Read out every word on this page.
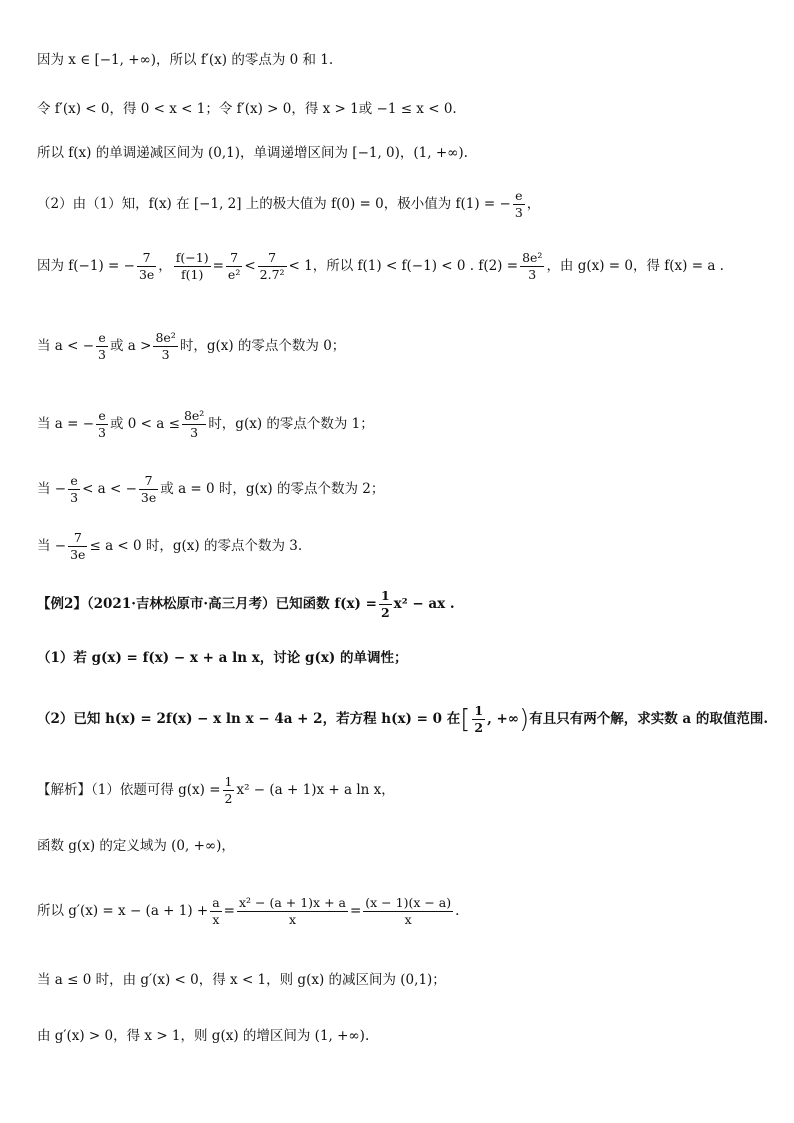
因为 x ∈ [−1, +∞)，所以 f′(x) 的零点为 0 和 1.
令 f′(x) < 0，得 0 < x < 1；令 f′(x) > 0，得 x > 1或 −1 ≤ x < 0.
所以 f(x) 的单调递减区间为 (0,1)，单调递增区间为 [−1, 0)，(1, +∞).
（2）由（1）知，f(x) 在 [−1, 2] 上的极大值为 f(0) = 0，极小值为 f(1) = − $\frac{e}{3}$ ，
因为 f(−1) = − $\frac{7}{3e}$ ， $\frac{f(-1)}{f(1)} = \frac{7}{\text{e²}} < \frac{7}{\text{2.7²}} < 1$，所以 f(1) < f(−1) < 0 . $f(2) = \frac{\text{8e²}}{3}$ ，由 g(x) = 0，得 f(x) = a .
当 a < − $\frac{e}{3}$ 或 $a > \frac{\text{8e²}}{3}$ 时，g(x) 的零点个数为 0；
当 a = − $\frac{e}{3}$ 或 $0 < a \le \frac{\text{8e²}}{3}$ 时，g(x) 的零点个数为 1；
当 − $\frac{e}{3} < a$ < − $\frac{7}{3e}$ 或 a = 0 时，g(x) 的零点个数为 2；
当 − $\frac{7}{3e} \le a < 0$ 时，g(x) 的零点个数为 3.
【例2】（2021·吉林松原市·高三月考）已知函数 $f(x) = \frac{1}{2} x^2$ − ax .
（1）若 g(x) = f(x) − x + a ln x，讨论 g(x) 的单调性；
（2）已知 h(x) = 2f(x) − x ln x − 4a + 2，若方程 h(x) = 0 在[ $\frac{1}{2}$ , +∞)有且只有两个解，求实数 a 的取值范围.
【解析】（1）依题可得 $g(x) = \frac{1}{2} x^2 - (a + 1)x + a$ ln x，
函数 g(x) 的定义域为 (0, +∞)，
所以 $g'(x) = x - (a + 1) + \frac{a}{x} = \frac{\text{x² − (a + 1)x + a}}{x} = \frac{(x - 1)(x - a)}{x}$ .
当 a ≤ 0 时，由 g′(x) < 0，得 x < 1，则 g(x) 的减区间为 (0,1)；
由 g′(x) > 0，得 x > 1，则 g(x) 的增区间为 (1, +∞).
